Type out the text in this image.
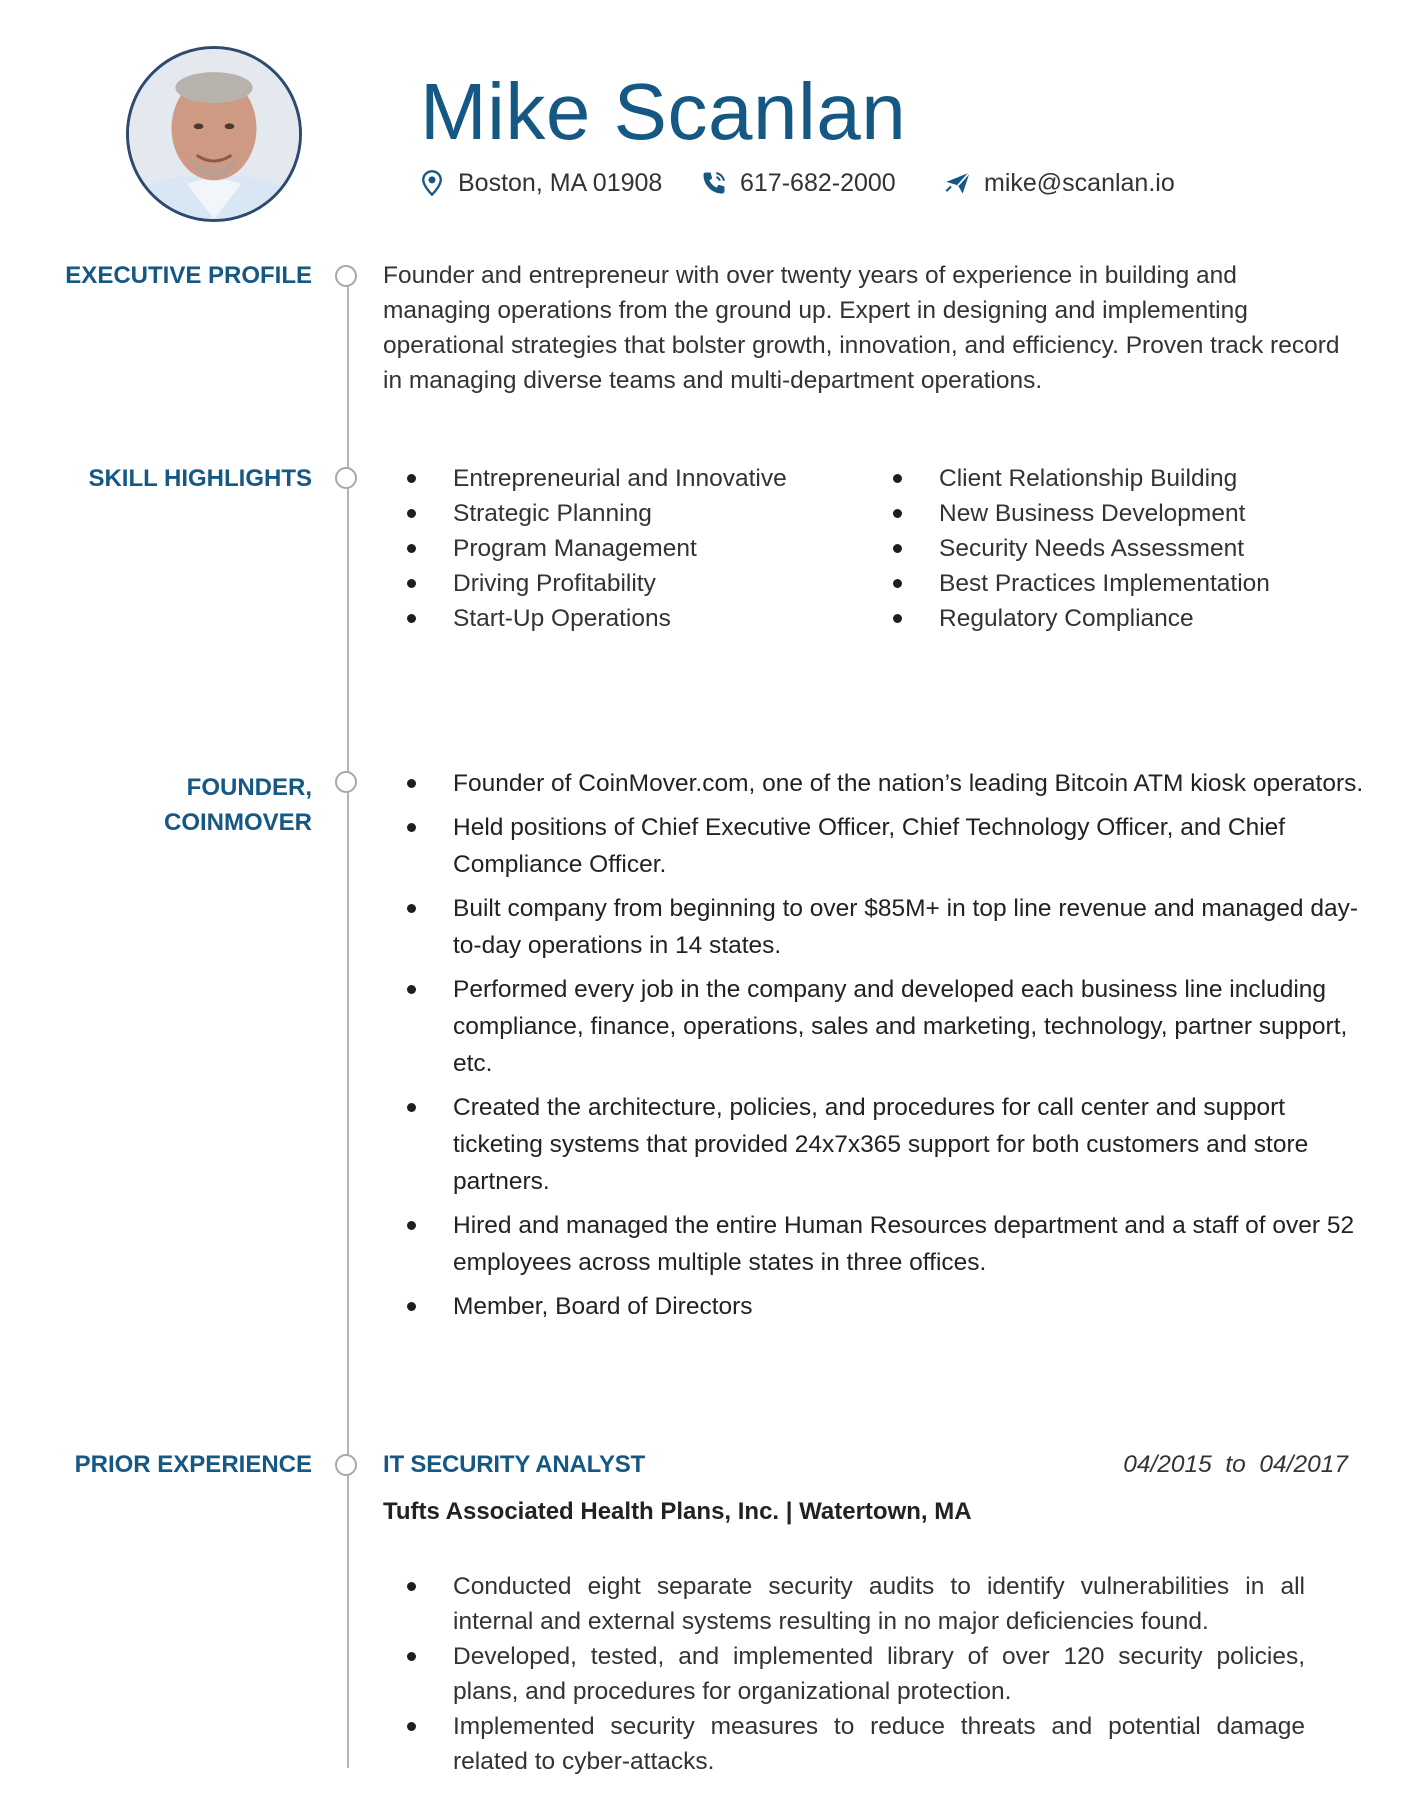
Mike Scanlan
Boston, MA 01908	617-682-2000	mike@scanlan.io
EXECUTIVE PROFILE
SKILL HIGHLIGHTS
FOUNDER,
COINMOVER
PRIOR EXPERIENCE
Founder and entrepreneur with over twenty years of experience in building and managing operations from the ground up. Expert in designing and implementing operational strategies that bolster growth, innovation, and efficiency. Proven track record in managing diverse teams and multi-department operations.
Entrepreneurial and Innovative
Strategic Planning
Program Management
Driving Profitability
Start-Up Operations
Client Relationship Building
New Business Development
Security Needs Assessment
Best Practices Implementation
Regulatory Compliance
Founder of CoinMover.com, one of the nation’s leading Bitcoin ATM kiosk operators.
Held positions of Chief Executive Officer, Chief Technology Officer, and Chief Compliance Officer.
Built company from beginning to over $85M+ in top line revenue and managed day-to-day operations in 14 states.
Performed every job in the company and developed each business line including compliance, finance, operations, sales and marketing, technology, partner support, etc.
Created the architecture, policies, and procedures for call center and support ticketing systems that provided 24x7x365 support for both customers and store partners.
Hired and managed the entire Human Resources department and a staff of over 52 employees across multiple states in three offices.
Member, Board of Directors
IT SECURITY ANALYST	04/2015  to  04/2017
Tufts Associated Health Plans, Inc. | Watertown, MA
Conducted eight separate security audits to identify vulnerabilities in all internal and external systems resulting in no major deficiencies found.
Developed, tested, and implemented library of over 120 security policies, plans, and procedures for organizational protection.
Implemented security measures to reduce threats and potential damage related to cyber-attacks.
